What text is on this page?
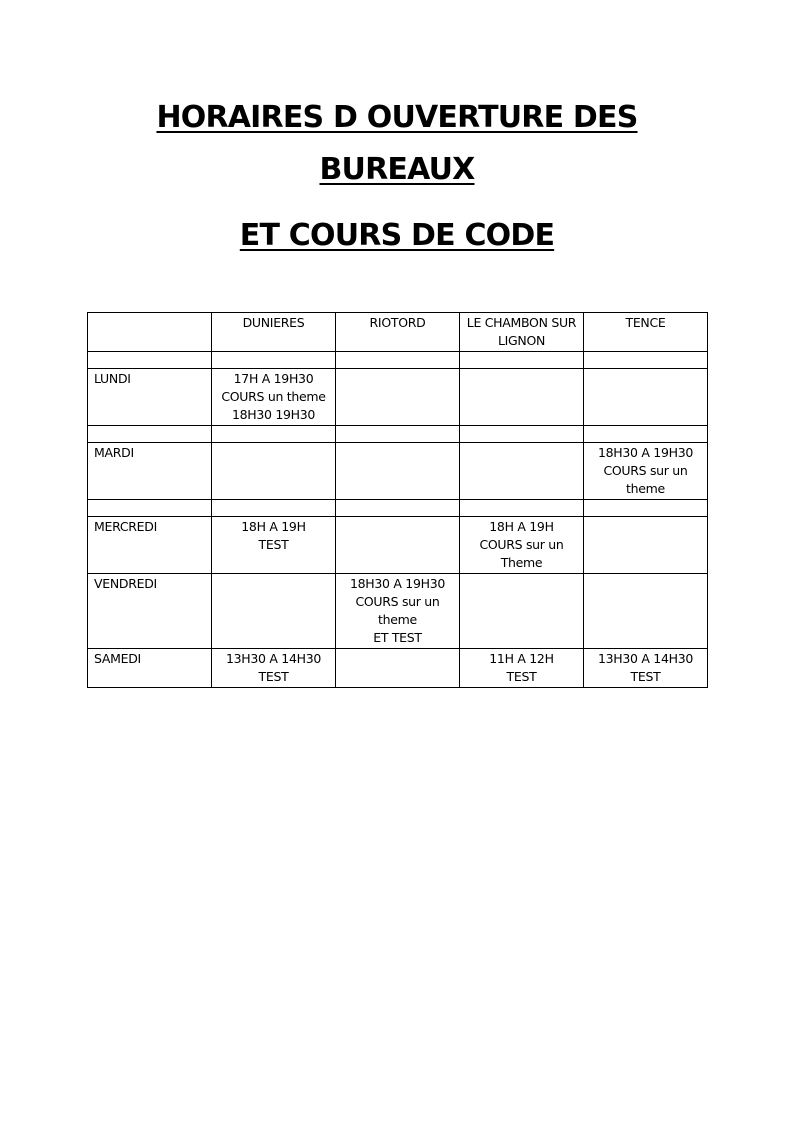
HORAIRES D OUVERTURE DES
BUREAUX
ET COURS DE CODE
	DUNIERES	RIOTORD	LE CHAMBON SUR LIGNON	TENCE

LUNDI	17H A 19H30
COURS un theme
18H30 19H30			

MARDI				18H30 A 19H30
COURS sur un
theme

MERCREDI	18H A 19H
TEST		18H A 19H
COURS sur un
Theme	

VENDREDI		18H30 A 19H30
COURS sur un
theme
ET TEST		

SAMEDI	13H30 A 14H30
TEST		11H A 12H
TEST	13H30 A 14H30
TEST
